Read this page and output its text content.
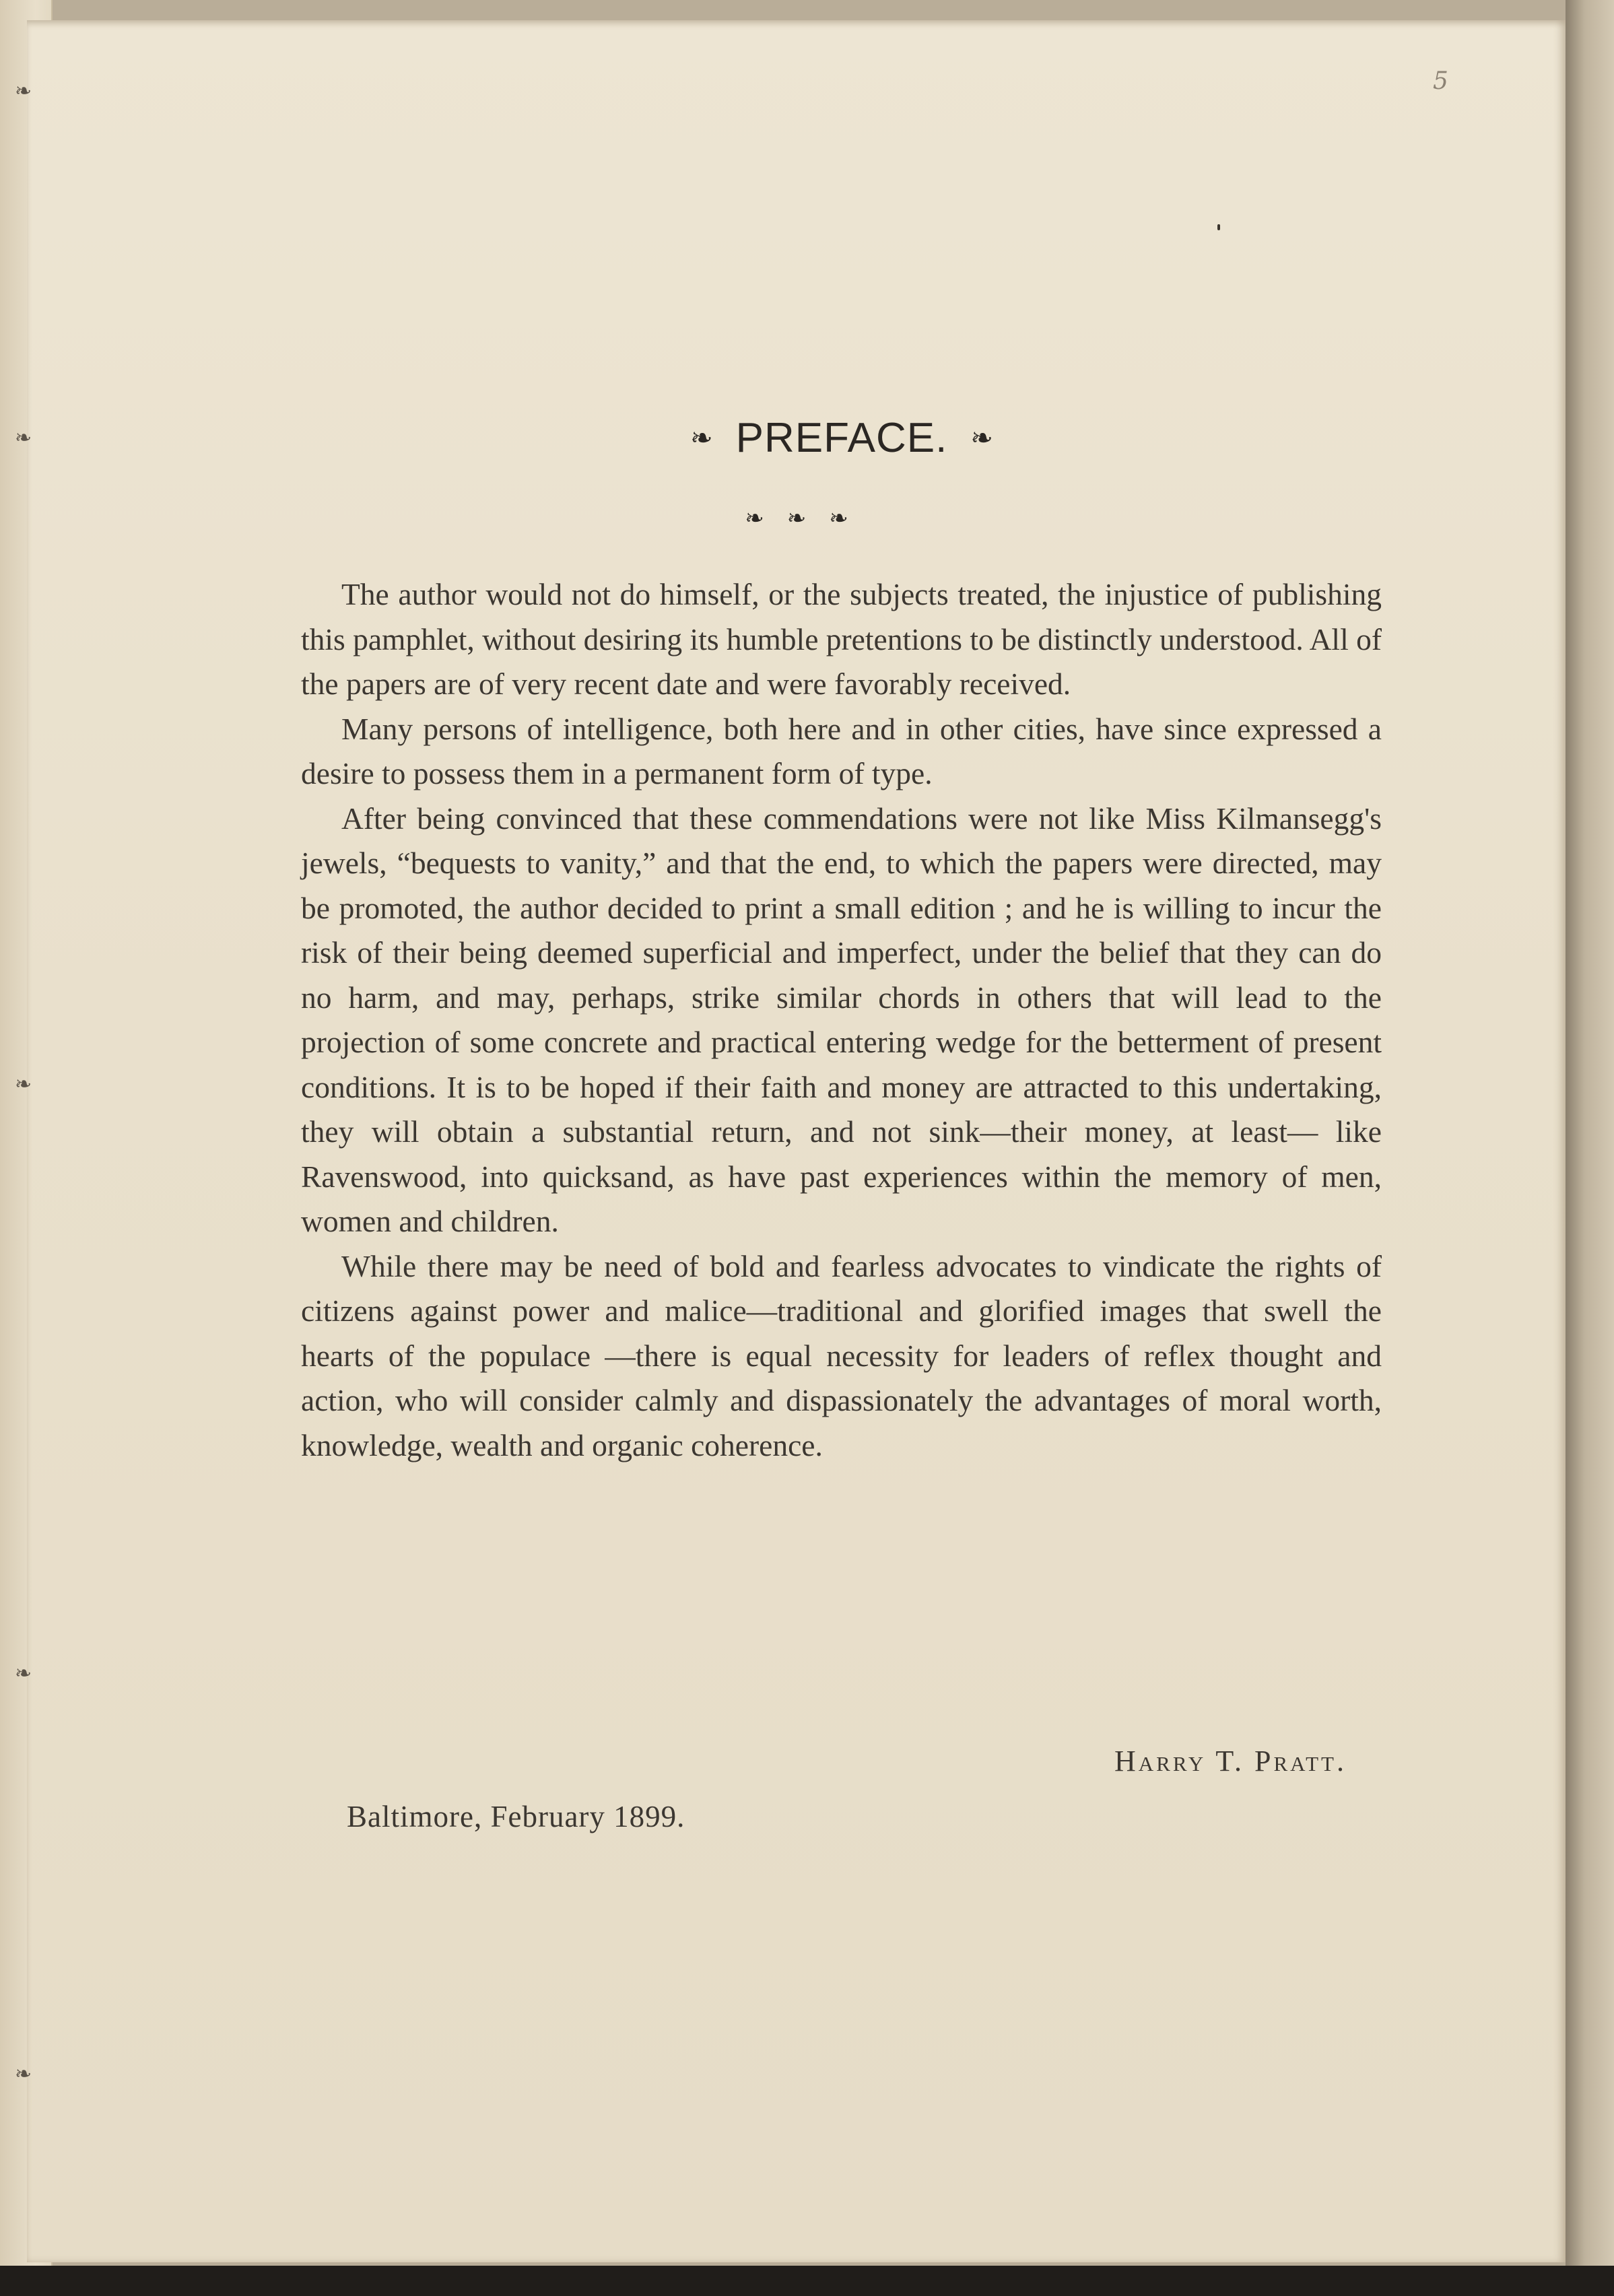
❧
❧
❧
❧
❧
5
❧ PREFACE. ❧
❧❧❧

The author would not do himself, or the subjects treated, the injustice of publishing this pamphlet, without desiring its humble pretentions to be distinctly understood. All of the papers are of very recent date and were favorably received.

Many persons of intelligence, both here and in other cities, have since expressed a desire to possess them in a permanent form of type.

After being convinced that these commendations were not like Miss Kilmansegg's jewels, “bequests to vanity,” and that the end, to which the papers were directed, may be promoted, the author decided to print a small edition ; and he is willing to incur the risk of their being deemed superficial and imperfect, under the belief that they can do no harm, and may, perhaps, strike similar chords in others that will lead to the projection of some concrete and practical entering wedge for the betterment of present conditions. It is to be hoped if their faith and money are attracted to this undertaking, they will obtain a substantial return, and not sink—their money, at least— like Ravenswood, into quicksand, as have past experiences within the memory of men, women and children.

While there may be need of bold and fearless advocates to vindicate the rights of citizens against power and malice—traditional and glorified images that swell the hearts of the populace —there is equal necessity for leaders of reflex thought and action, who will consider calmly and dispassionately the advantages of moral worth, knowledge, wealth and organic coherence.

Harry T. Pratt.
Baltimore, February 1899.
